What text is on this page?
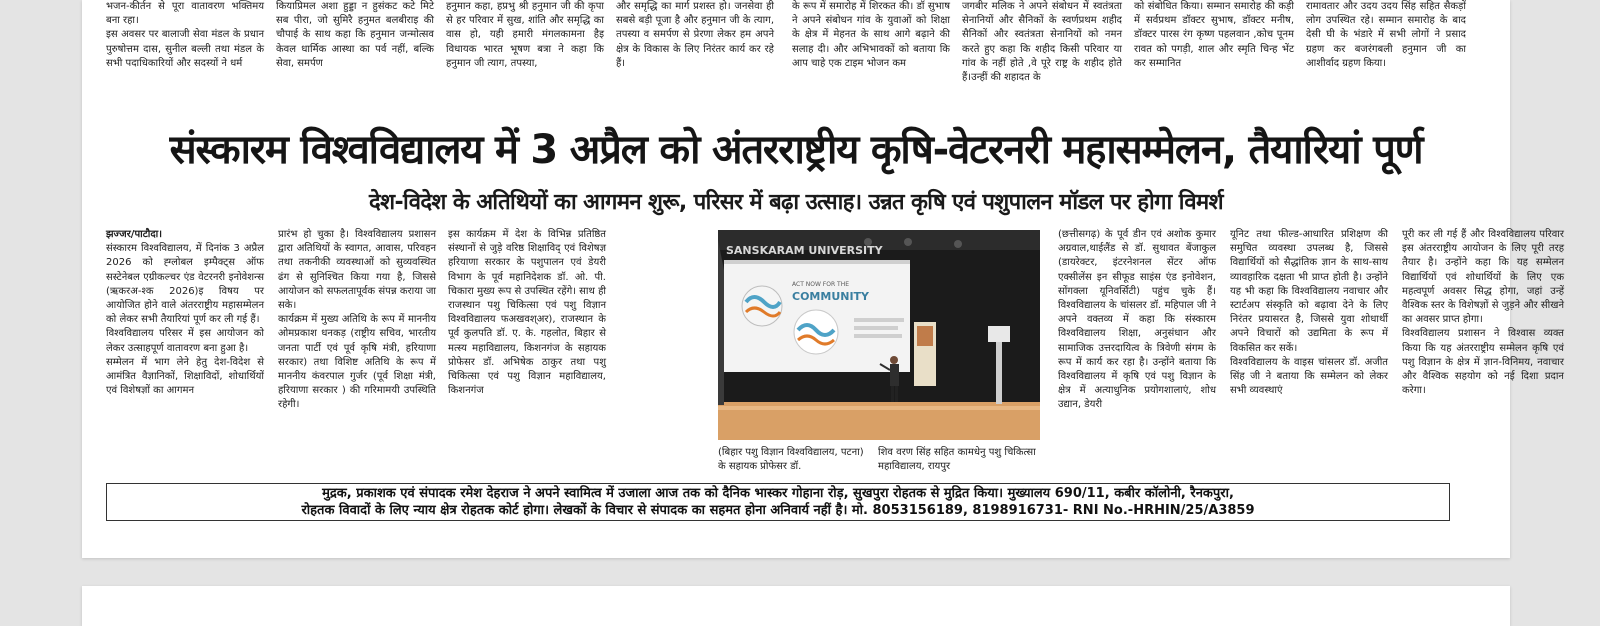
भजन-कीर्तन से पूरा वातावरण भक्तिमय बना रहा।

इस अवसर पर बालाजी सेवा मंडल के प्रधान पुरुषोत्तम दास, सुनील बल्ली तथा मंडल के सभी पदाधिकारियों और सदस्यों ने धर्म

कियाप्रिमल अशा हुड्डा न हुसंकट कटे मिटे सब पीरा, जो सुमिरै हनुमत बलबीराइ की चौपाई के साथ कहा कि हनुमान जन्मोत्सव केवल धार्मिक आस्था का पर्व नहीं, बल्कि सेवा, समर्पण

हनुमान कहा, हप्रभु श्री हनुमान जी की कृपा से हर परिवार में सुख, शांति और समृद्धि का वास हो, यही हमारी मंगलकामना हैइ विधायक भारत भूषण बत्रा ने कहा कि हनुमान जी त्याग, तपस्या,

और समृद्धि का मार्ग प्रशस्त हो। जनसेवा ही सबसे बड़ी पूजा है और हनुमान जी के त्याग, तपस्या व समर्पण से प्रेरणा लेकर हम अपने क्षेत्र के विकास के लिए निरंतर कार्य कर रहे हैं।

के रूप में समारोह में शिरकत की। डॉ सुभाष ने अपने संबोधन गांव के युवाओं को शिक्षा के क्षेत्र में मेहनत के साथ आगे बढ़ाने की सलाह दी। और अभिभावकों को बताया कि आप चाहे एक टाइम भोजन कम

जगबीर मलिक ने अपने संबोधन में स्वतंत्रता सेनानियों और सैनिकों के स्वर्णप्रथम शहीद सैनिकों और स्वतंत्रता सेनानियों को नमन करते हुए कहा कि शहीद किसी परिवार या गांव के नहीं होते ,वे पूरे राष्ट्र के शहीद होते हैं।उन्हीं की शहादत के

को संबोधित किया। सम्मान समारोह की कड़ी में सर्वप्रथम डॉक्टर सुभाष, डॉक्टर मनीष, डॉक्टर पारस रंग कृष्ण पहलवान ,कोच पूनम रावत को पगड़ी, शाल और स्मृति चिन्ह भेंट कर सम्मानित

रामावतार और उदय उदय सिंह सहित सैकड़ों लोग उपस्थित रहे। सम्मान समारोह के बाद देसी घी के भंडारे में सभी लोगों ने प्रसाद ग्रहण कर बजरंगबली हनुमान जी का आशीर्वाद ग्रहण किया।

संस्कारम विश्वविद्यालय में 3 अप्रैल को अंतरराष्ट्रीय कृषि-वेटरनरी महासम्मेलन, तैयारियां पूर्ण
देश-विदेश के अतिथियों का आगमन शुरू, परिसर में बढ़ा उत्साह। उन्नत कृषि एवं पशुपालन मॉडल पर होगा विमर्श

झज्जर/पाटौदा।

संस्कारम विश्वविद्यालय, में दिनांक 3 अप्रैल 2026 को ह्ग्लोबल इम्पैक्ट्स ऑफ सस्टेनेबल एग्रीकल्चर एंड वेटरनरी इनोवेशन्स (ऋकरअ-श्क 2026)इ विषय पर आयोजित होने वाले अंतरराष्ट्रीय महासम्मेलन को लेकर सभी तैयारियां पूर्ण कर ली गई हैं।

विश्वविद्यालय परिसर में इस आयोजन को लेकर उत्साहपूर्ण वातावरण बना हुआ है।

सम्मेलन में भाग लेने हेतु देश-विदेश से आमंत्रित वैज्ञानिकों, शिक्षाविदों, शोधार्थियों एवं विशेषज्ञों का आगमन

प्रारंभ हो चुका है। विश्वविद्यालय प्रशासन द्वारा अतिथियों के स्वागत, आवास, परिवहन तथा तकनीकी व्यवस्थाओं को सुव्यवस्थित ढंग से सुनिश्चित किया गया है, जिससे आयोजन को सफलतापूर्वक संपन्न कराया जा सके।

कार्यक्रम में मुख्य अतिथि के रूप में माननीय ओमप्रकाश धनकड़ (राष्ट्रीय सचिव, भारतीय जनता पार्टी एवं पूर्व कृषि मंत्री, हरियाणा सरकार) तथा विशिष्ट अतिथि के रूप में माननीय कंवरपाल गुर्जर (पूर्व शिक्षा मंत्री, हरियाणा सरकार ) की गरिमामयी उपस्थिति रहेगी।

इस कार्यक्रम में देश के विभिन्न प्रतिष्ठित संस्थानों से जुड़े वरिष्ठ शिक्षाविद् एवं विशेषज्ञ हरियाणा सरकार के पशुपालन एवं डेयरी विभाग के पूर्व महानिदेशक डॉ. ओ. पी. चिकारा मुख्य रूप से उपस्थित रहेंगे। साथ ही राजस्थान पशु चिकित्सा एवं पशु विज्ञान विश्वविद्यालय फअखवश्अर), राजस्थान के पूर्व कुलपति डॉ. ए. के. गहलोत, बिहार से मत्स्य महाविद्यालय, किशनगंज के सहायक प्रोफेसर डॉ. अभिषेक ठाकुर तथा पशु चिकित्सा एवं पशु विज्ञान महाविद्यालय, किशनगंज

SANSKARAM UNIVERSITY
ACT NOW FOR THE
COMMUNITY
(बिहार पशु विज्ञान विश्वविद्यालय, पटना) के सहायक प्रोफेसर डॉ.
शिव वरण सिंह सहित कामधेनु पशु चिकित्सा महाविद्यालय, रायपुर

(छत्तीसगढ़) के पूर्व डीन एवं अशोक कुमार अग्रवाल,थाईलैंड से डॉ. सुथावत बेंजाकुल (डायरेक्टर, इंटरनेशनल सेंटर ऑफ एक्सीलेंस इन सीफूड साइंस एंड इनोवेशन, सोंगक्ला यूनिवर्सिटी) पहुंच चुके हैं।विश्वविद्यालय के चांसलर डॉ. महिपाल जी ने अपने वक्तव्य में कहा कि संस्कारम विश्वविद्यालय शिक्षा, अनुसंधान और सामाजिक उत्तरदायित्व के त्रिवेणी संगम के रूप में कार्य कर रहा है। उन्होंने बताया कि विश्वविद्यालय में कृषि एवं पशु विज्ञान के क्षेत्र में अत्याधुनिक प्रयोगशालाएं, शोध उद्यान, डेयरी

यूनिट तथा फील्ड-आधारित प्रशिक्षण की समुचित व्यवस्था उपलब्ध है, जिससे विद्यार्थियों को सैद्धांतिक ज्ञान के साथ-साथ व्यावहारिक दक्षता भी प्राप्त होती है। उन्होंने यह भी कहा कि विश्वविद्यालय नवाचार और स्टार्टअप संस्कृति को बढ़ावा देने के लिए निरंतर प्रयासरत है, जिससे युवा शोधार्थी अपने विचारों को उद्यमिता के रूप में विकसित कर सकें।

विश्वविद्यालय के वाइस चांसलर डॉ. अजीत सिंह जी ने बताया कि सम्मेलन को लेकर सभी व्यवस्थाएं

पूरी कर ली गई हैं और विश्वविद्यालय परिवार इस अंतरराष्ट्रीय आयोजन के लिए पूरी तरह तैयार है। उन्होंने कहा कि यह सम्मेलन विद्यार्थियों एवं शोधार्थियों के लिए एक महत्वपूर्ण अवसर सिद्ध होगा, जहां उन्हें वैश्विक स्तर के विशेषज्ञों से जुड़ने और सीखने का अवसर प्राप्त होगा।

विश्वविद्यालय प्रशासन ने विश्वास व्यक्त किया कि यह अंतरराष्ट्रीय सम्मेलन कृषि एवं पशु विज्ञान के क्षेत्र में ज्ञान-विनिमय, नवाचार और वैश्विक सहयोग को नई दिशा प्रदान करेगा।

मुद्रक, प्रकाशक एवं संपादक रमेश देहराज ने अपने स्वामित्व में उजाला आज तक को दैनिक भास्कर गोहाना रोड़, सुखपुरा रोहतक से मुद्रित किया। मुख्यालय 690/11, कबीर कॉलोनी, रैनकपुरा,
रोहतक विवादों के लिए न्याय क्षेत्र रोहतक कोर्ट होगा। लेखकों के विचार से संपादक का सहमत होना अनिवार्य नहीं है। मो. 8053156189, 8198916731- RNI No.-HRHIN/25/A3859
